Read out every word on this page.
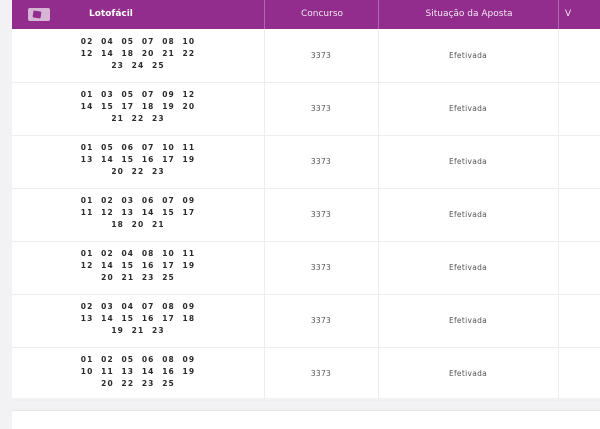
Lotofácil	Concurso	Situação da Aposta	V
02 04 05 07 08 10
12 14 18 20 21 22
23 24 25
3373	Efetivada
01 03 05 07 09 12
14 15 17 18 19 20
21 22 23
3373	Efetivada
01 05 06 07 10 11
13 14 15 16 17 19
20 22 23
3373	Efetivada
01 02 03 06 07 09
11 12 13 14 15 17
18 20 21
3373	Efetivada
01 02 04 08 10 11
12 14 15 16 17 19
20 21 23 25
3373	Efetivada
02 03 04 07 08 09
13 14 15 16 17 18
19 21 23
3373	Efetivada
01 02 05 06 08 09
10 11 13 14 16 19
20 22 23 25
3373	Efetivada
